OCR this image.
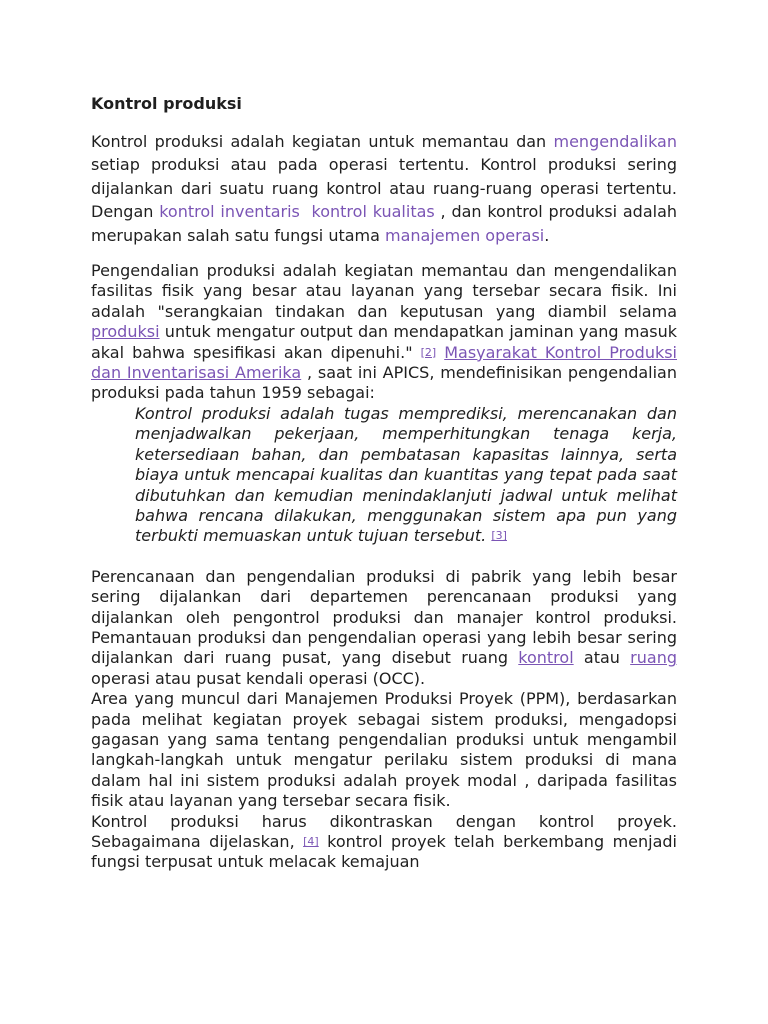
Kontrol produksi

Kontrol produksi adalah kegiatan untuk memantau dan mengendalikan setiap produksi atau pada operasi tertentu. Kontrol produksi sering dijalankan dari suatu ruang kontrol atau ruang-ruang operasi tertentu. Dengan kontrol inventaris kontrol kualitas , dan kontrol produksi adalah merupakan salah satu fungsi utama manajemen operasi.

Pengendalian produksi adalah kegiatan memantau dan mengendalikan fasilitas fisik yang besar atau layanan yang tersebar secara fisik. Ini adalah "serangkaian tindakan dan keputusan yang diambil selama produksi untuk mengatur output dan mendapatkan jaminan yang masuk akal bahwa spesifikasi akan dipenuhi." [2] Masyarakat Kontrol Produksi dan Inventarisasi Amerika , saat ini APICS, mendefinisikan pengendalian produksi pada tahun 1959 sebagai:

Kontrol produksi adalah tugas memprediksi, merencanakan dan menjadwalkan pekerjaan, memperhitungkan tenaga kerja, ketersediaan bahan, dan pembatasan kapasitas lainnya, serta biaya untuk mencapai kualitas dan kuantitas yang tepat pada saat dibutuhkan dan kemudian menindaklanjuti jadwal untuk melihat bahwa rencana dilakukan, menggunakan sistem apa pun yang terbukti memuaskan untuk tujuan tersebut. [3]

Perencanaan dan pengendalian produksi di pabrik yang lebih besar sering dijalankan dari departemen perencanaan produksi yang dijalankan oleh pengontrol produksi dan manajer kontrol produksi. Pemantauan produksi dan pengendalian operasi yang lebih besar sering dijalankan dari ruang pusat, yang disebut ruang kontrol atau ruang operasi atau pusat kendali operasi (OCC).

Area yang muncul dari Manajemen Produksi Proyek (PPM), berdasarkan pada melihat kegiatan proyek sebagai sistem produksi, mengadopsi gagasan yang sama tentang pengendalian produksi untuk mengambil langkah-langkah untuk mengatur perilaku sistem produksi di mana dalam hal ini sistem produksi adalah proyek modal , daripada fasilitas fisik atau layanan yang tersebar secara fisik.

Kontrol produksi harus dikontraskan dengan kontrol proyek. Sebagaimana dijelaskan, [4] kontrol proyek telah berkembang menjadi fungsi terpusat untuk melacak kemajuan
